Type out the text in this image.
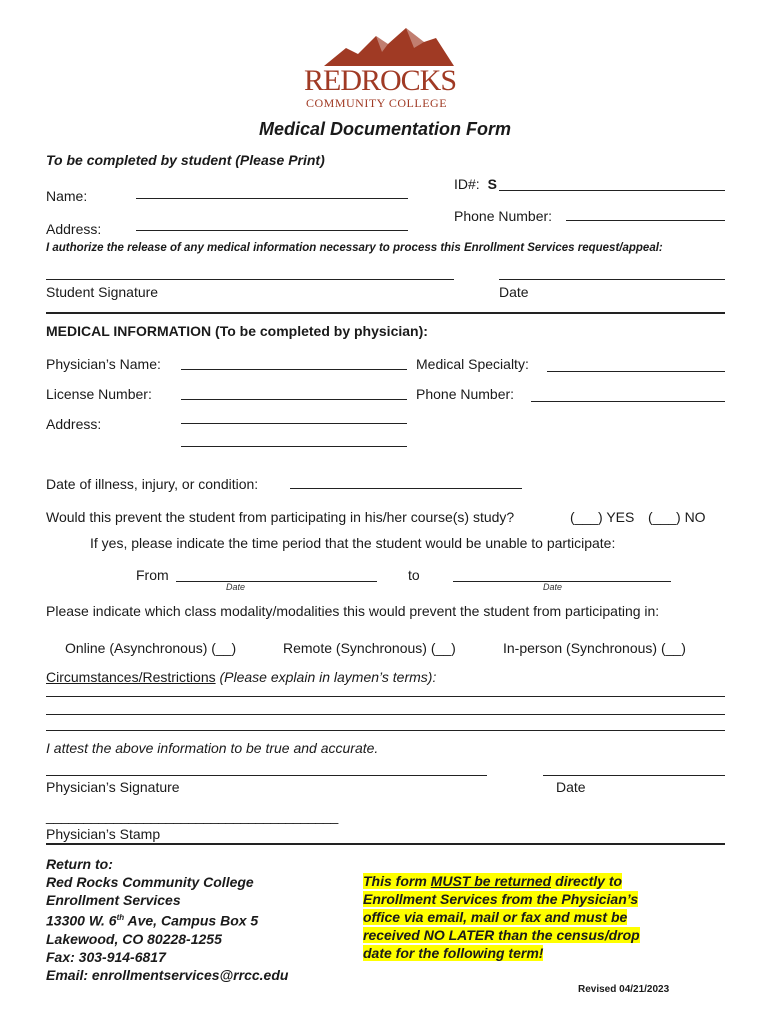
REDROCKS
COMMUNITY COLLEGE
Medical Documentation Form
To be completed by student (Please Print)
Name:
ID#: S
Phone Number:
Address:
I authorize the release of any medical information necessary to process this Enrollment Services request/appeal:
Student Signature	Date
MEDICAL INFORMATION (To be completed by physician):
Physician’s Name:	Medical Specialty:
License Number:	Phone Number:
Address:
Date of illness, injury, or condition:
Would this prevent the student from participating in his/her course(s) study?	(___) YES (___) NO
If yes, please indicate the time period that the student would be unable to participate:
From
Date
to
Date
Please indicate which class modality/modalities this would prevent the student from participating in:
Online (Asynchronous) (__)	Remote (Synchronous) (__)	In-person (Synchronous) (__)
Circumstances/Restrictions (Please explain in laymen’s terms):
I attest the above information to be true and accurate.
Physician’s Signature	Date
_______________________________________
Physician’s Stamp
Return to:
Red Rocks Community College
Enrollment Services
13300 W. 6th Ave, Campus Box 5
Lakewood, CO 80228-1255
Fax: 303-914-6817
Email: enrollmentservices@rrcc.edu
This form MUST be returned directly to
Enrollment Services from the Physician’s
office via email, mail or fax and must be
received NO LATER than the census/drop
date for the following term!
Revised 04/21/2023
